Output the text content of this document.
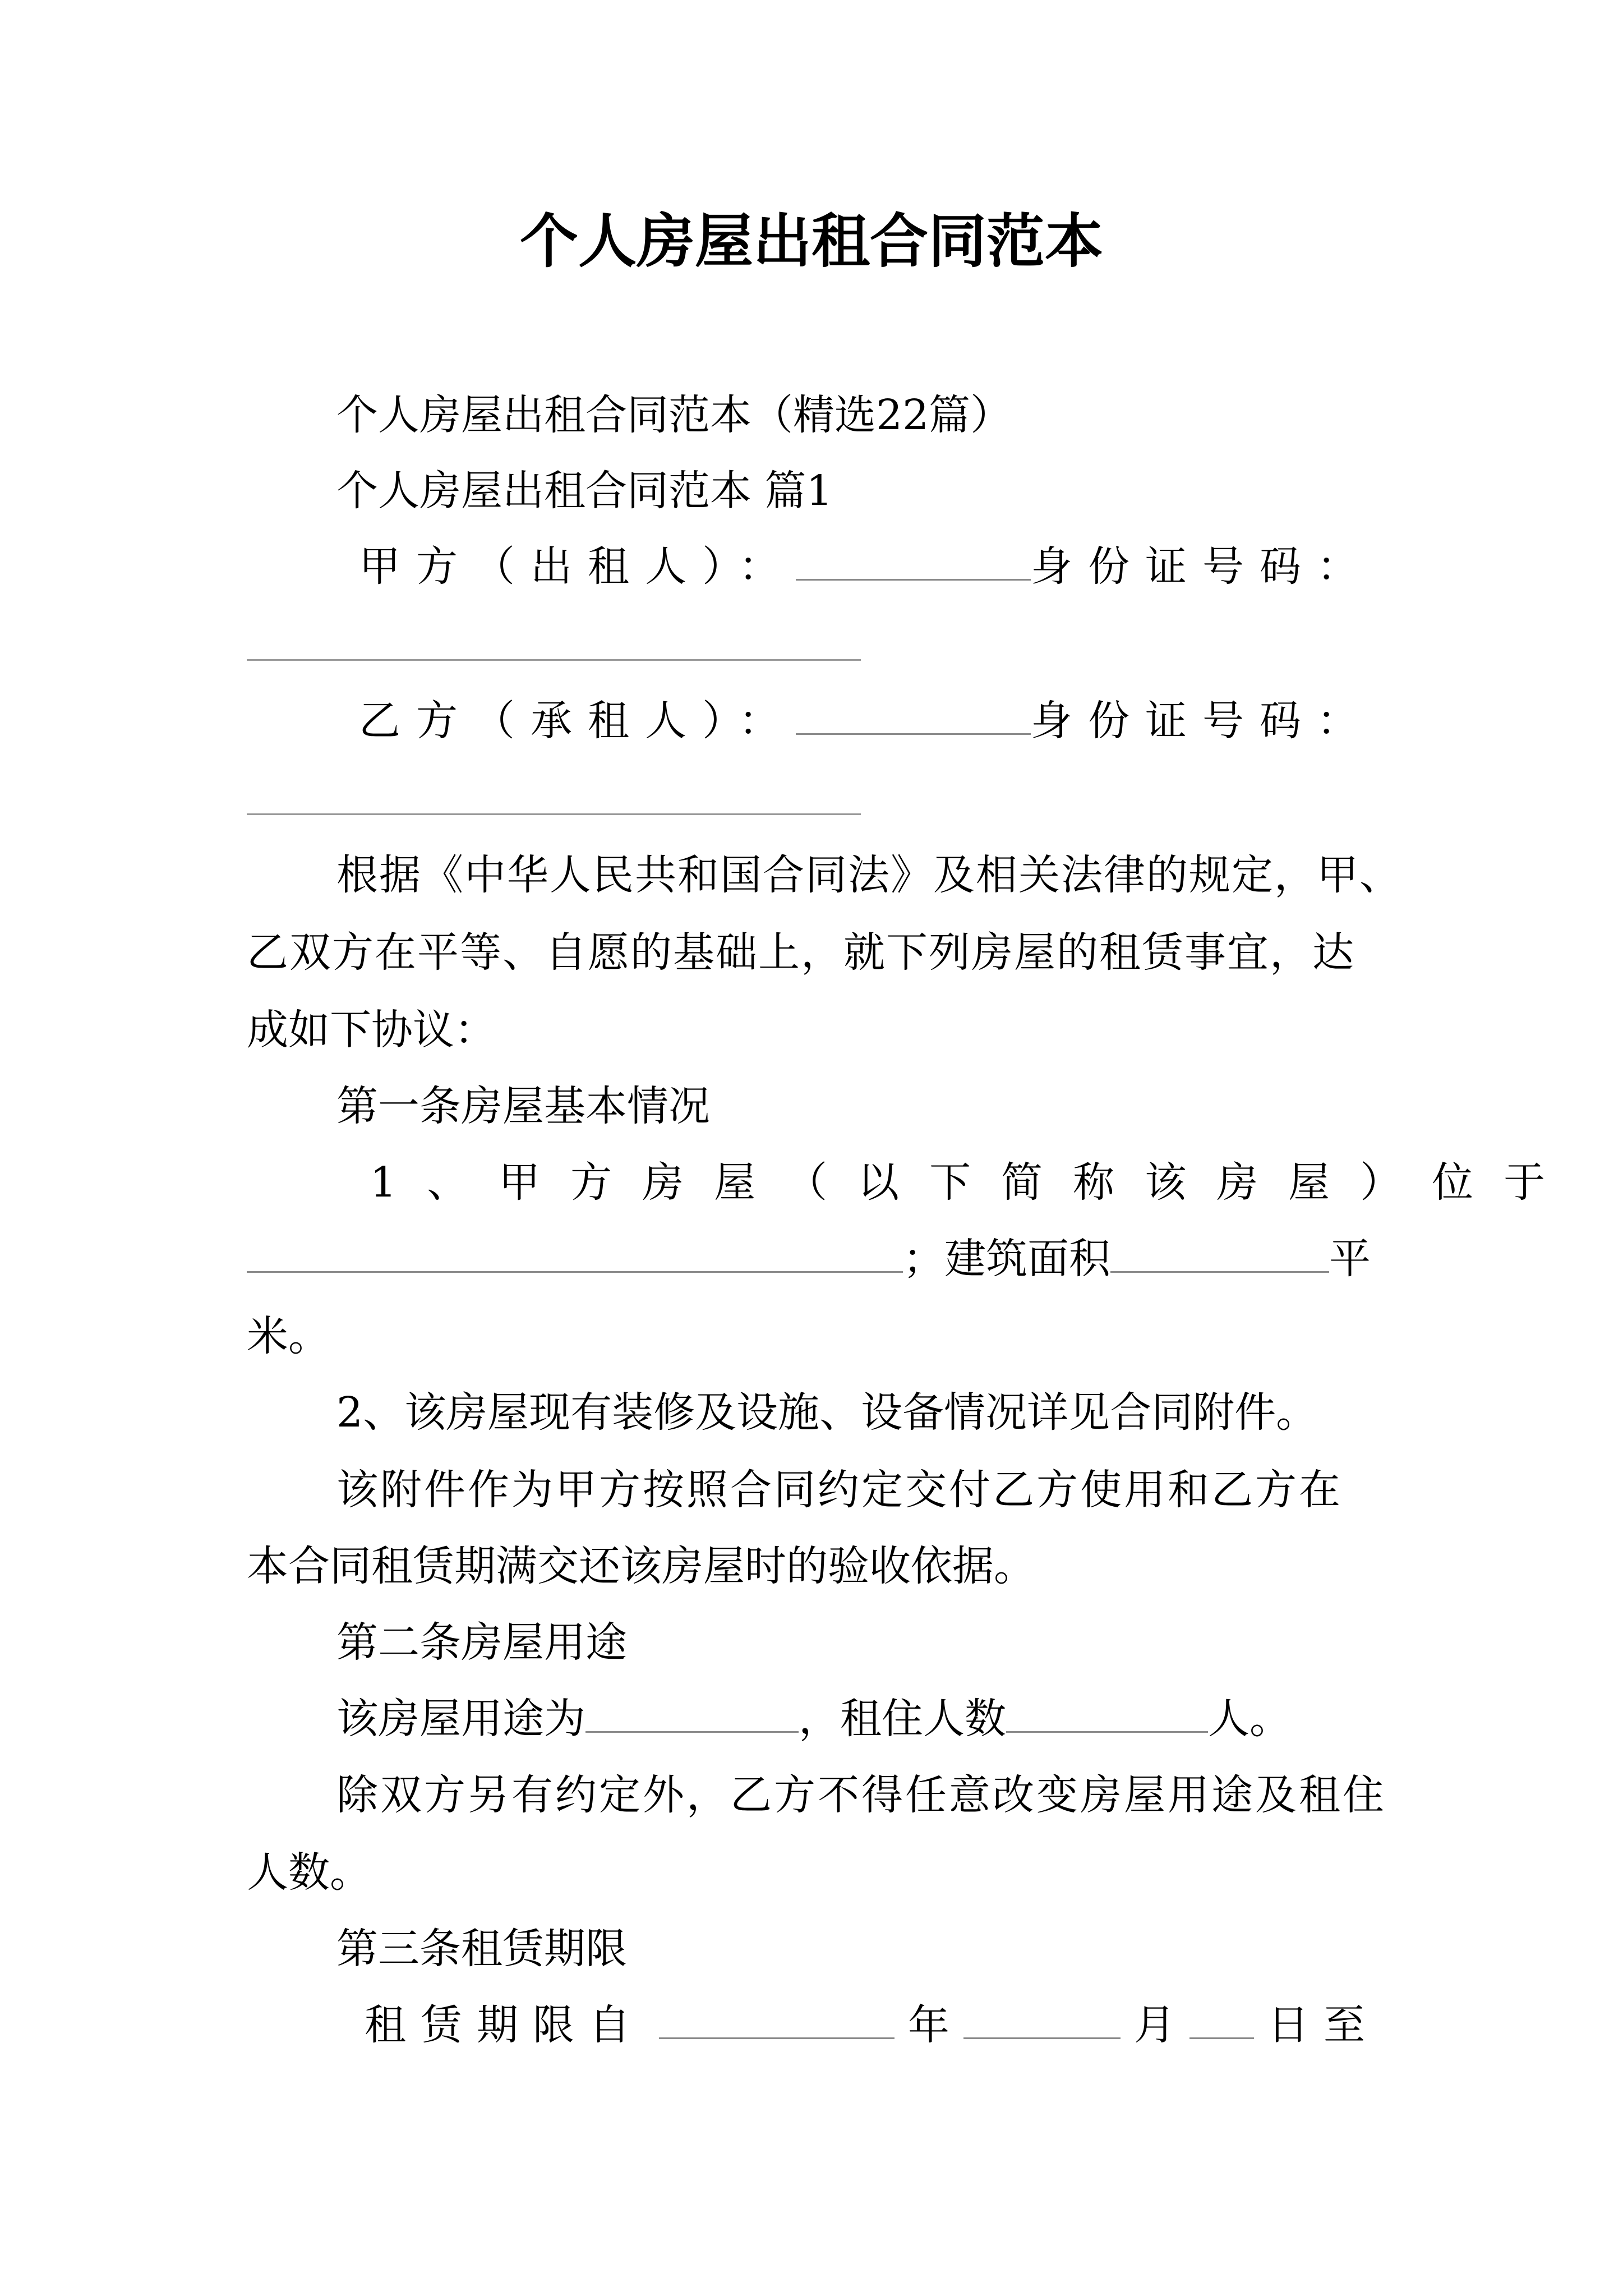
个人房屋出租合同范本
个人房屋出租合同范本（精选22篇）
个人房屋出租合同范本 篇1
甲方（出租人）：	身份证号码：
乙方（承租人）：	身份证号码：
根据《中华人民共和国合同法》及相关法律的规定，甲、
乙双方在平等、自愿的基础上，就下列房屋的租赁事宜，达
成如下协议：
第一条房屋基本情况
1、甲方房屋（以下简称该房屋）位于
；建筑面积	平
米。
2、该房屋现有装修及设施、设备情况详见合同附件。
该附件作为甲方按照合同约定交付乙方使用和乙方在
本合同租赁期满交还该房屋时的验收依据。
第二条房屋用途
该房屋用途为	，租住人数	人。
除双方另有约定外，乙方不得任意改变房屋用途及租住
人数。
第三条租赁期限
租赁期限自	年	月 日至
